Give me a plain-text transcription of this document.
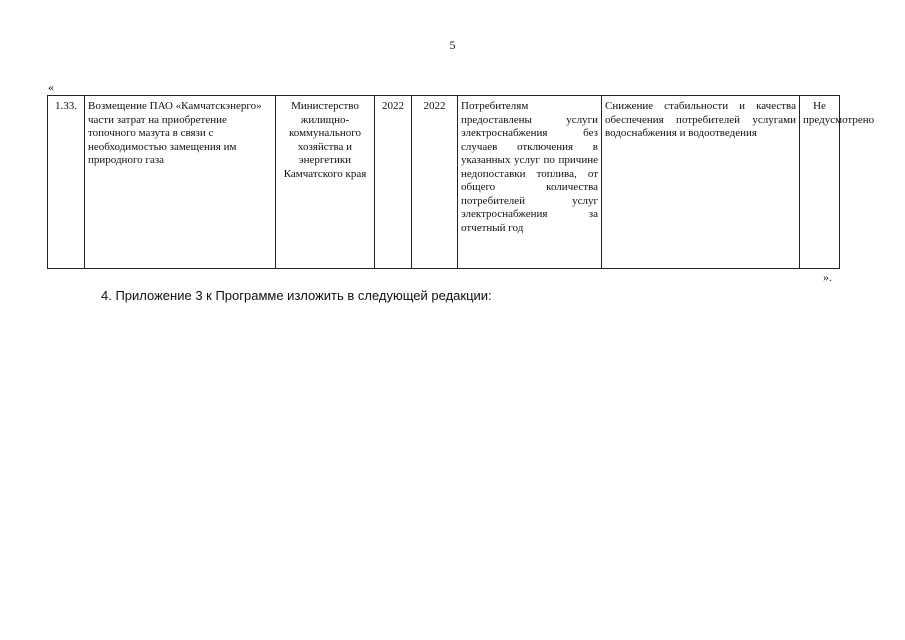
5
«
1.33.	Возмещение ПАО «Камчатскэнерго» части затрат на приобретение топочного мазута в связи с необходимостью замещения им природного газа	Министерство жилищно-коммунального хозяйства и энергетики Камчатского края	2022	2022	Потребителям предоставлены услуги электроснабжения без случаев отключения в указанных услуг по причине недопоставки топлива, от общего количества потребителей услуг электроснабжения за отчетный год	Снижение стабильности и качества обеспечения потребителей услугами водоснабжения и водоотведения	Не предусмотрено
».
4. Приложение 3 к Программе изложить в следующей редакции:
